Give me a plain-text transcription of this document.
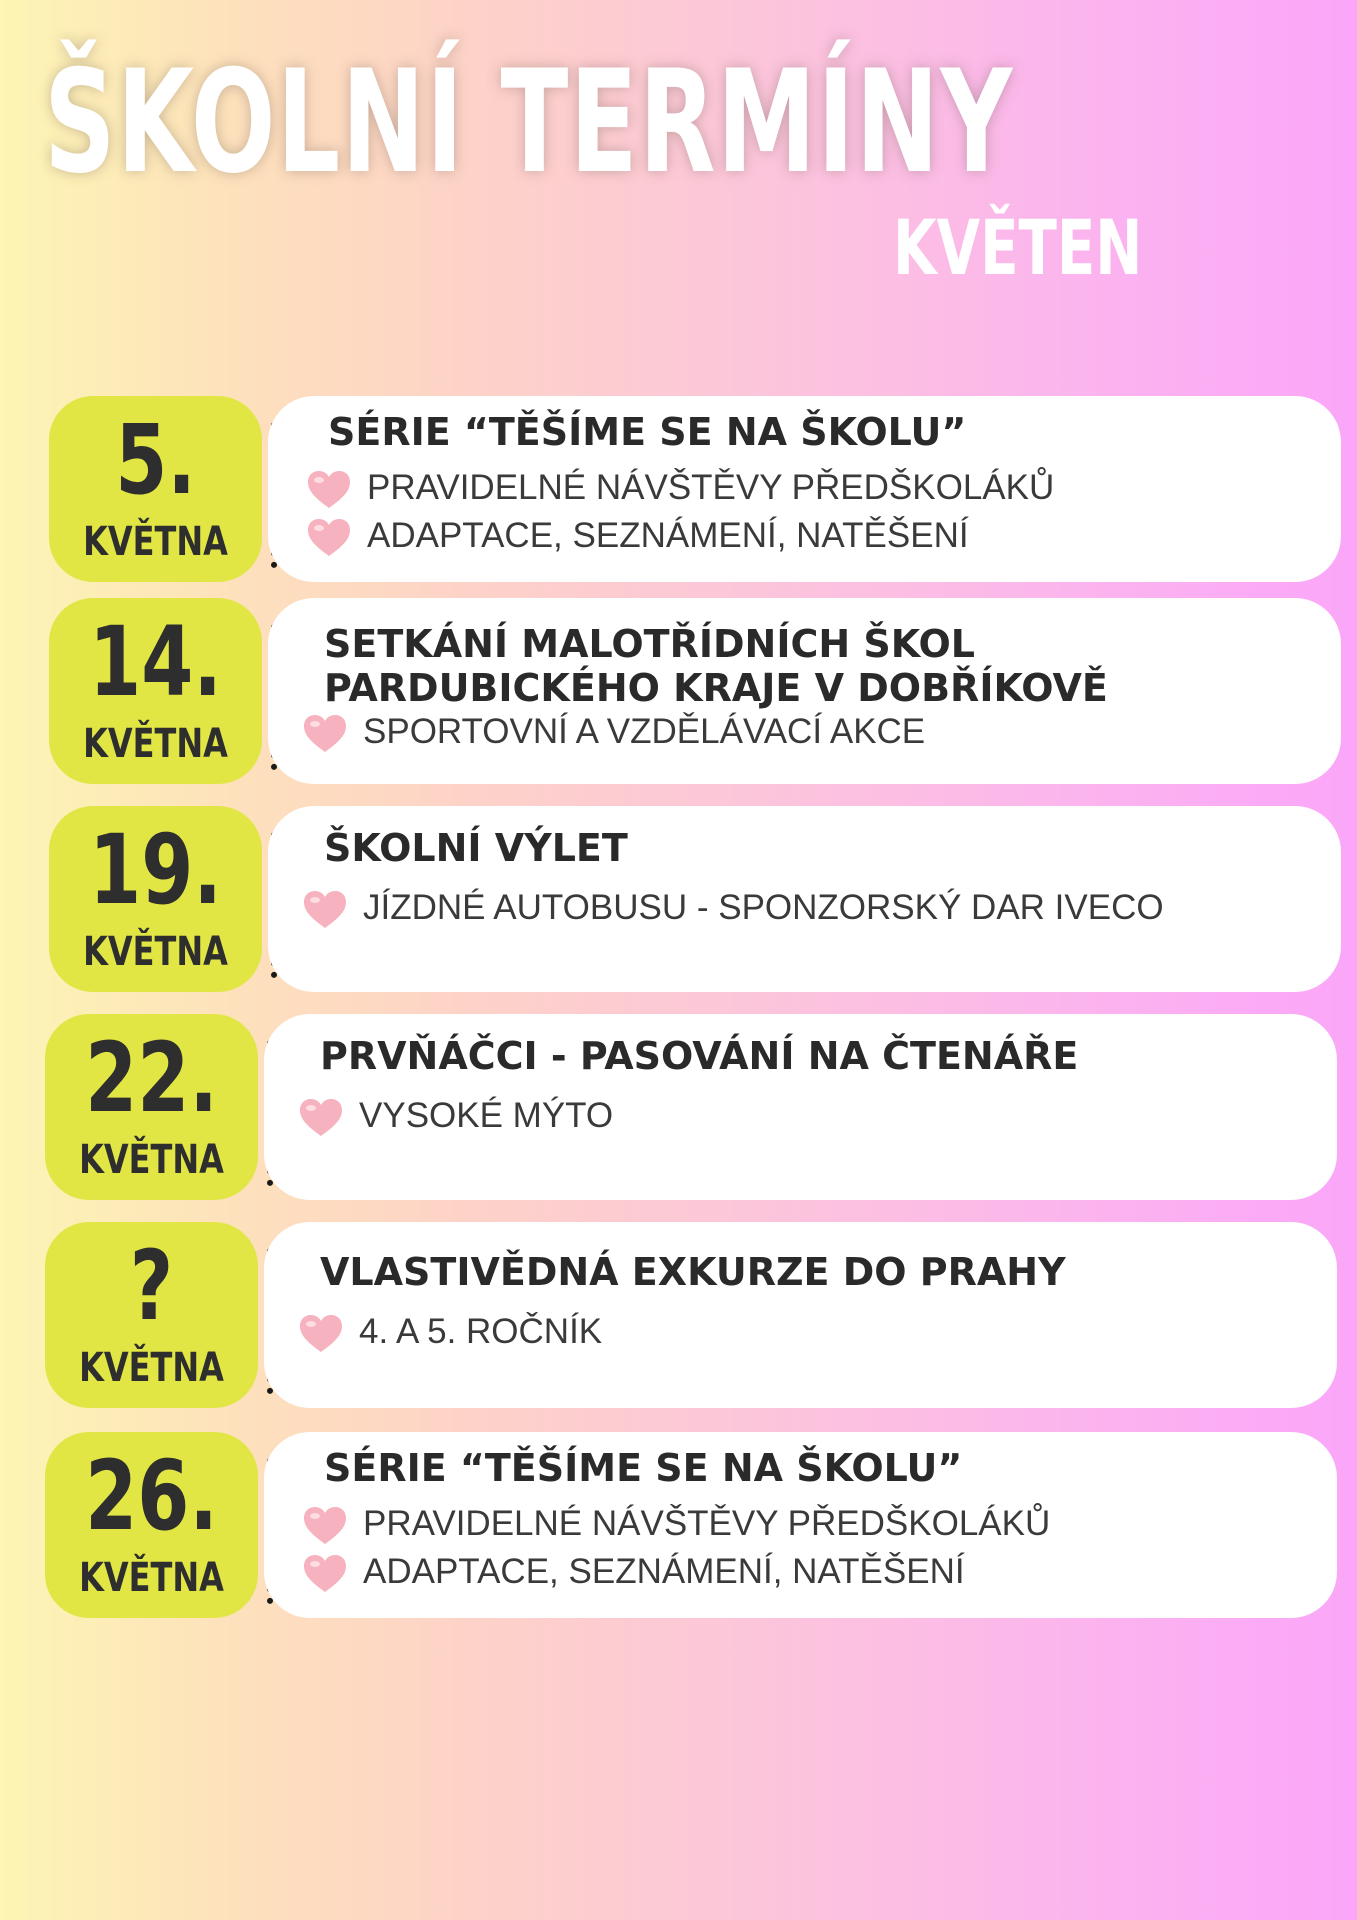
ŠKOLNÍ TERMÍNY
KVĚTEN
5.
KVĚTNA
SÉRIE “TĚŠÍME SE NA ŠKOLU”
PRAVIDELNÉ NÁVŠTĚVY PŘEDŠKOLÁKŮ
ADAPTACE, SEZNÁMENÍ, NATĚŠENÍ
14.
KVĚTNA
SETKÁNÍ MALOTŘÍDNÍCH ŠKOL
PARDUBICKÉHO KRAJE V DOBŘÍKOVĚ
SPORTOVNÍ A VZDĚLÁVACÍ AKCE
19.
KVĚTNA
ŠKOLNÍ VÝLET
JÍZDNÉ AUTOBUSU - SPONZORSKÝ DAR IVECO
22.
KVĚTNA
PRVŇÁČCI - PASOVÁNÍ NA ČTENÁŘE
VYSOKÉ MÝTO
?
KVĚTNA
VLASTIVĚDNÁ EXKURZE DO PRAHY
4. A 5. ROČNÍK
26.
KVĚTNA
SÉRIE “TĚŠÍME SE NA ŠKOLU”
PRAVIDELNÉ NÁVŠTĚVY PŘEDŠKOLÁKŮ
ADAPTACE, SEZNÁMENÍ, NATĚŠENÍ
